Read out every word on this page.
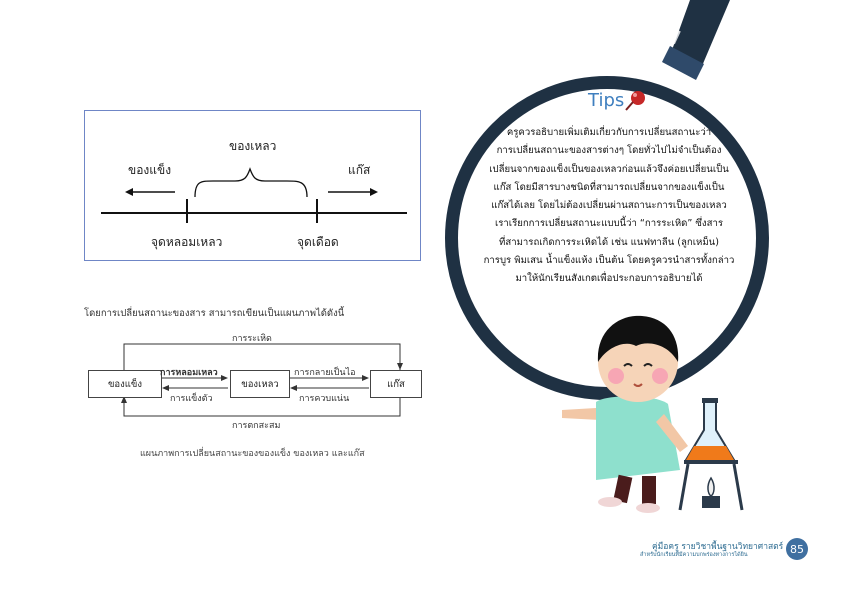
ของเหลว
ของแข็ง	แก๊ส
จุดหลอมเหลว	จุดเดือด
โดยการเปลี่ยนสถานะของสาร สามารถเขียนเป็นแผนภาพได้ดังนี้
ของแข็ง	ของเหลว	แก๊ส
การระเหิด
การหลอมเหลว
การแข็งตัว
การกลายเป็นไอ
การควบแน่น
การตกสะสม
แผนภาพการเปลี่ยนสถานะของของแข็ง ของเหลว และแก๊ส
Tips
ครูควรอธิบายเพิ่มเติมเกี่ยวกับการเปลี่ยนสถานะว่า
การเปลี่ยนสถานะของสารต่างๆ โดยทั่วไปไม่จำเป็นต้อง
เปลี่ยนจากของแข็งเป็นของเหลวก่อนแล้วจึงค่อยเปลี่ยนเป็น
แก๊ส โดยมีสารบางชนิดที่สามารถเปลี่ยนจากของแข็งเป็น
แก๊สได้เลย โดยไม่ต้องเปลี่ยนผ่านสถานะการเป็นของเหลว
เราเรียกการเปลี่ยนสถานะแบบนี้ว่า “การระเหิด” ซึ่งสาร
ที่สามารถเกิดการระเหิดได้ เช่น แนฟทาลีน (ลูกเหม็น)
การบูร พิมเสน น้ำแข็งแห้ง เป็นต้น โดยครูควรนำสารทั้งกล่าว
มาให้นักเรียนสังเกตเพื่อประกอบการอธิบายได้
คู่มือครู รายวิชาพื้นฐานวิทยาศาสตร์
สำหรับนักเรียนที่มีความบกพร่องทางการได้ยิน	85
